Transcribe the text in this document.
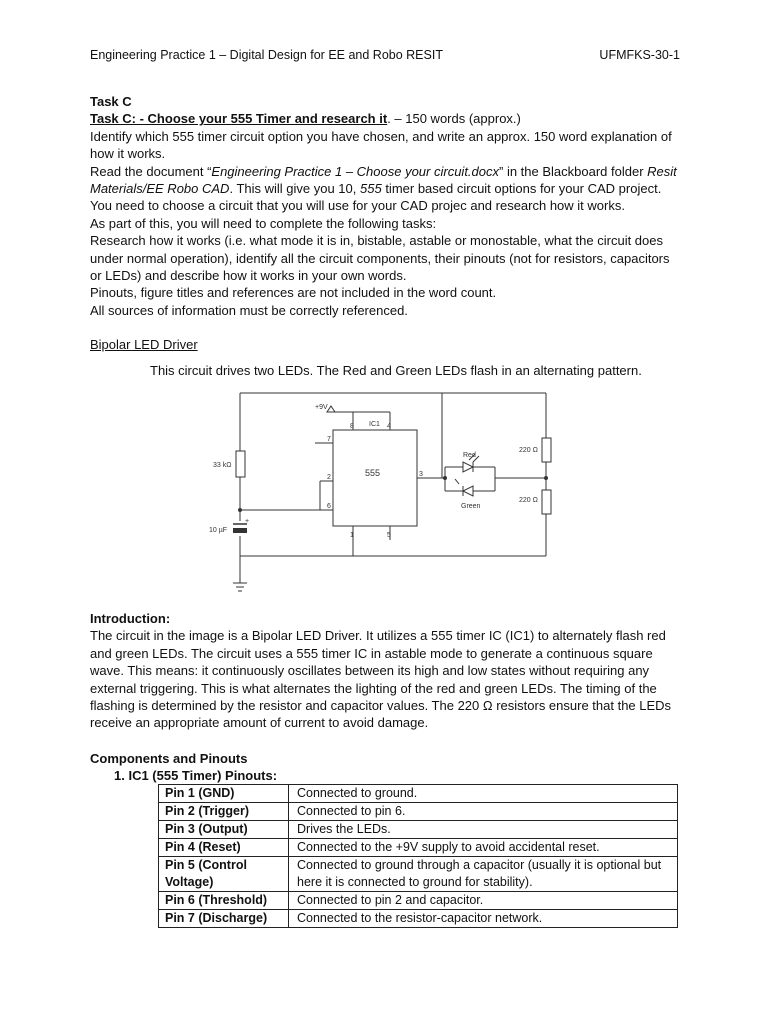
Engineering Practice 1 – Digital Design for EE and Robo RESIT	UFMFKS-30-1

Task C

Task C: - Choose your 555 Timer and research it. – 150 words (approx.)

Identify which 555 timer circuit option you have chosen, and write an approx. 150 word explanation of how it works.

Read the document “Engineering Practice 1 – Choose your circuit.docx” in the Blackboard folder Resit Materials/EE Robo CAD. This will give you 10, 555 timer based circuit options for your CAD project.

You need to choose a circuit that you will use for your CAD projec and research how it works.

As part of this, you will need to complete the following tasks:

Research how it works (i.e. what mode it is in, bistable, astable or monostable, what the circuit does under normal operation), identify all the circuit components, their pinouts (not for resistors, capacitors or LEDs) and describe how it works in your own words.

Pinouts, figure titles and references are not included in the word count.

All sources of information must be correctly referenced.

Bipolar LED Driver

This circuit drives two LEDs. The Red and Green LEDs flash in an alternating pattern.

+9V
IC1
8	4
7
2
6
3
1	5
33 kΩ
10 µF
+
220 Ω
220 Ω
Red
Green
555

Introduction:

The circuit in the image is a Bipolar LED Driver. It utilizes a 555 timer IC (IC1) to alternately flash red and green LEDs. The circuit uses a 555 timer IC in astable mode to generate a continuous square wave. This means: it continuously oscillates between its high and low states without requiring any external triggering. This is what alternates the lighting of the red and green LEDs. The timing of the flashing is determined by the resistor and capacitor values. The 220 Ω resistors ensure that the LEDs receive an appropriate amount of current to avoid damage.

Components and Pinouts

1. IC1 (555 Timer) Pinouts:

Pin 1 (GND)	Connected to ground.
Pin 2 (Trigger)	Connected to pin 6.
Pin 3 (Output)	Drives the LEDs.
Pin 4 (Reset)	Connected to the +9V supply to avoid accidental reset.
Pin 5 (Control Voltage)	Connected to ground through a capacitor (usually it is optional but here it is connected to ground for stability).
Pin 6 (Threshold)	Connected to pin 2 and capacitor.
Pin 7 (Discharge)	Connected to the resistor-capacitor network.
